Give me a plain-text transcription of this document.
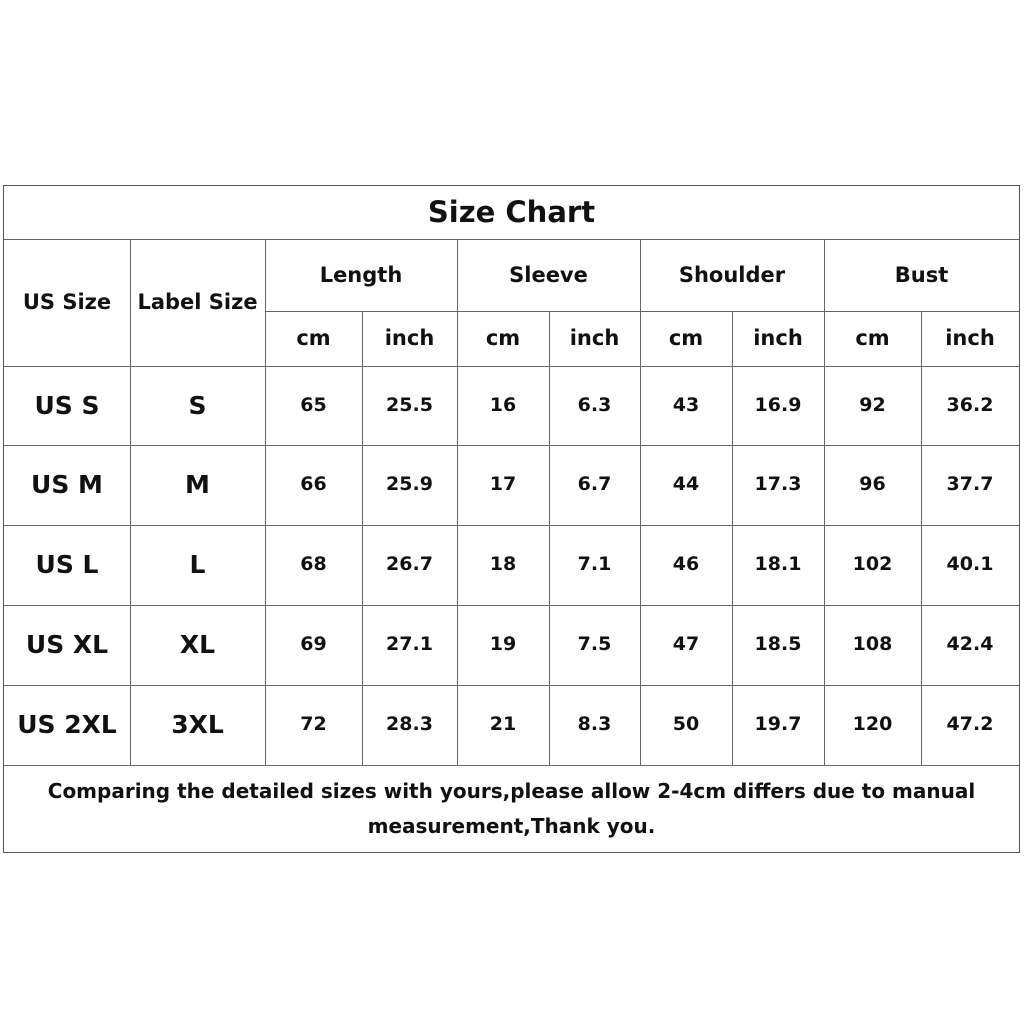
Size Chart
US Size	Label Size
Comparing the detailed sizes with yours,please allow 2-4cm differs due to manual measurement,Thank you.
Length	Sleeve	Shoulder	Bust
cm	inch	cm	inch	cm	inch	cm	inch
US S	S	65	25.5	16	6.3	43	16.9	92	36.2
US M	M	66	25.9	17	6.7	44	17.3	96	37.7
US L	L	68	26.7	18	7.1	46	18.1	102	40.1
US XL	XL	69	27.1	19	7.5	47	18.5	108	42.4
US 2XL	3XL	72	28.3	21	8.3	50	19.7	120	47.2
